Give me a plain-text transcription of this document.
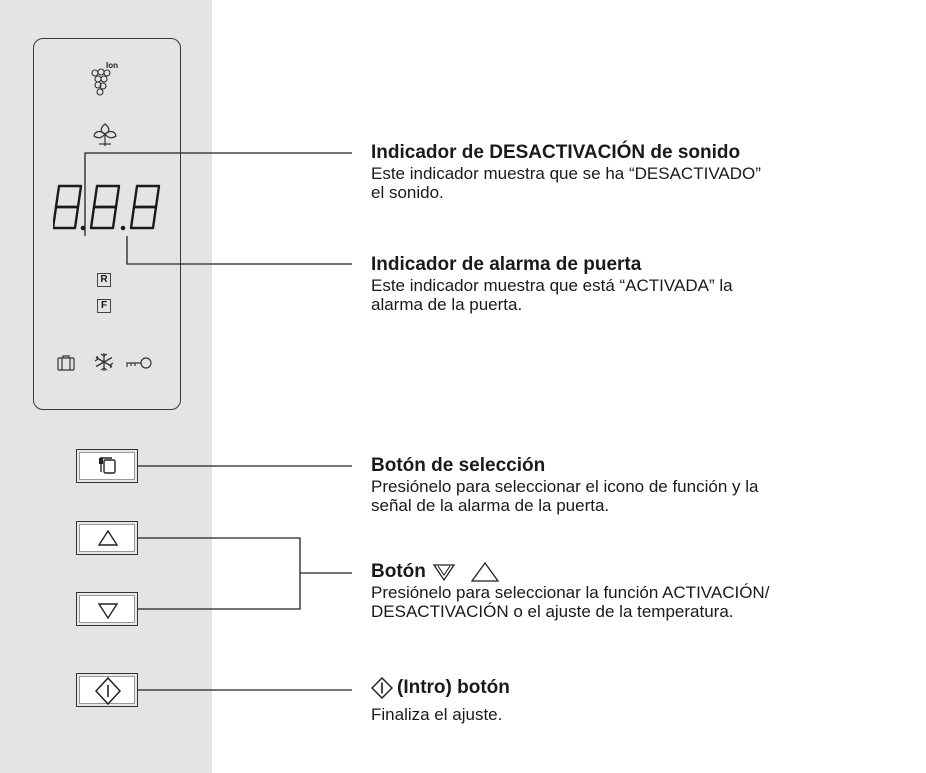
Ion
R
F
Indicador de DESACTIVACIÓN de sonido
Este indicador muestra que se ha “DESACTIVADO”
el sonido.
Indicador de alarma de puerta
Este indicador muestra que está “ACTIVADA” la
alarma de la puerta.
Botón de selección
Presiónelo para seleccionar el icono de función y la
señal de la alarma de la puerta.
Botón
Presiónelo para seleccionar la función ACTIVACIÓN/
DESACTIVACIÓN o el ajuste de la temperatura.
(Intro) botón
Finaliza el ajuste.
